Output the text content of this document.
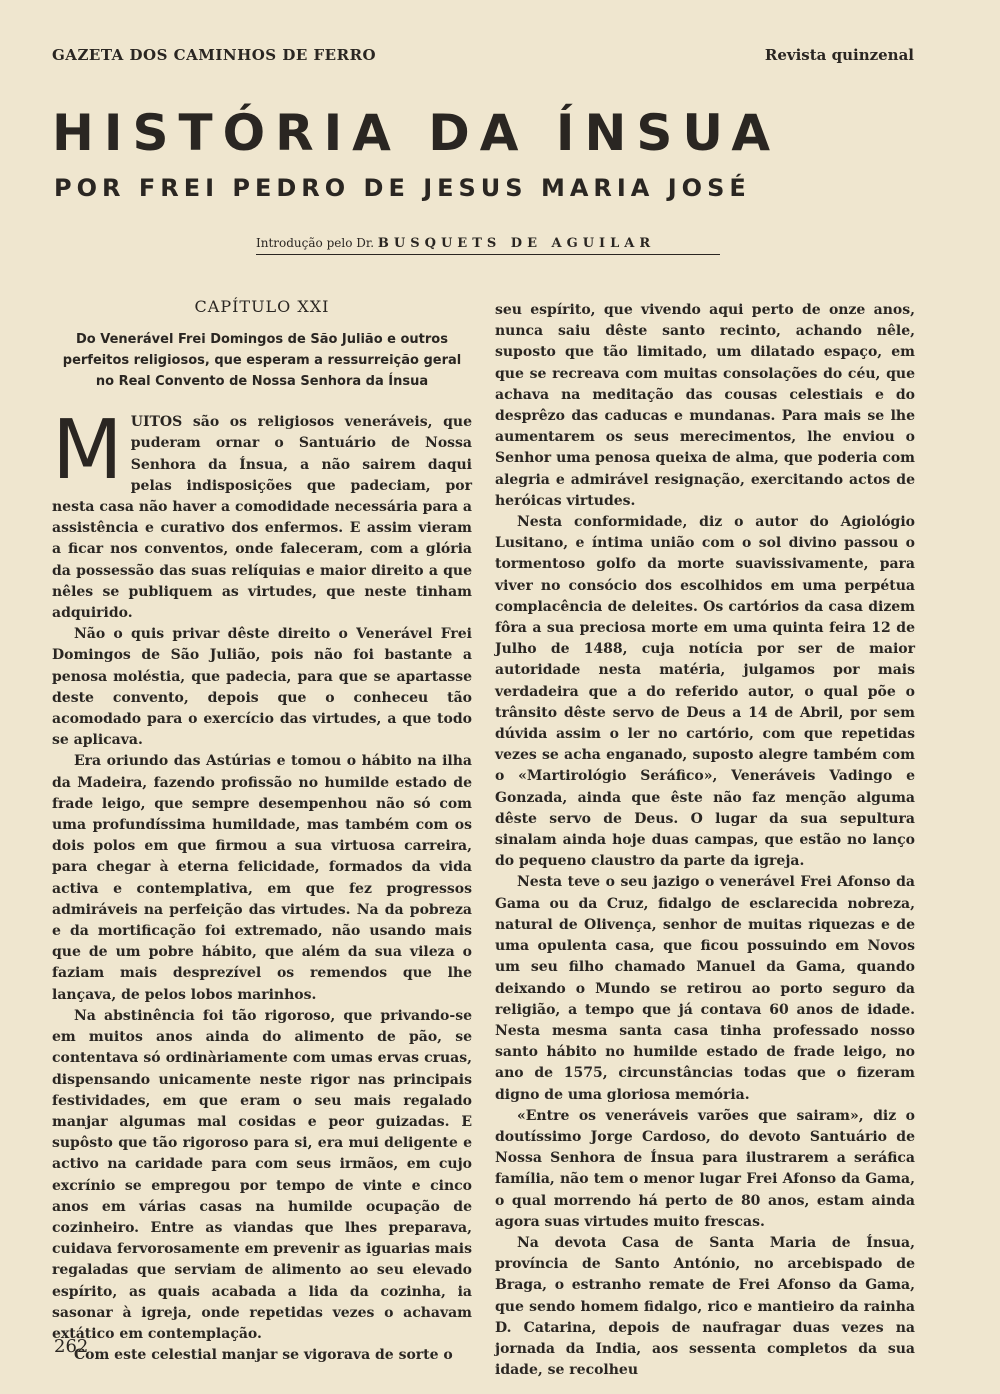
GAZETA DOS CAMINHOS DE FERRO	Revista quinzenal
HISTÓRIA DA ÍNSUA
POR FREI PEDRO DE JESUS MARIA JOSÉ
Introdução pelo Dr. BUSQUETS DE AGUILAR
CAPÍTULO XXI
Do Venerável Frei Domingos de São Julião e outros perfeitos religiosos, que esperam a ressurreição geral no Real Convento de Nossa Senhora da Ínsua

MUITOS são os religiosos veneráveis, que puderam ornar o Santuário de Nossa Senhora da Ínsua, a não sairem daqui pelas indisposições que padeciam, por nesta casa não haver a comodidade necessária para a assistência e curativo dos enfermos. E assim vieram a ficar nos conventos, onde faleceram, com a glória da possessão das suas relíquias e maior direito a que nêles se publiquem as virtudes, que neste tinham adquirido.

Não o quis privar dêste direito o Venerável Frei Domingos de São Julião, pois não foi bastante a penosa moléstia, que padecia, para que se apartasse deste convento, depois que o conheceu tão acomodado para o exercício das virtudes, a que todo se aplicava.

Era oriundo das Astúrias e tomou o hábito na ilha da Madeira, fazendo profissão no humilde estado de frade leigo, que sempre desempenhou não só com uma profundíssima humildade, mas também com os dois polos em que firmou a sua virtuosa carreira, para chegar à eterna felicidade, formados da vida activa e contemplativa, em que fez progressos admiráveis na perfeição das virtudes. Na da pobreza e da mortificação foi extremado, não usando mais que de um pobre hábito, que além da sua vileza o faziam mais desprezível os remendos que lhe lançava, de pelos lobos marinhos.

Na abstinência foi tão rigoroso, que privando-se em muitos anos ainda do alimento de pão, se contentava só ordinàriamente com umas ervas cruas, dispensando unicamente neste rigor nas principais festividades, em que eram o seu mais regalado manjar algumas mal cosidas e peor guizadas. E supôsto que tão rigoroso para si, era mui deligente e activo na caridade para com seus irmãos, em cujo excrínio se empregou por tempo de vinte e cinco anos em várias casas na humilde ocupação de cozinheiro. Entre as viandas que lhes preparava, cuidava fervorosamente em prevenir as iguarias mais regaladas que serviam de alimento ao seu elevado espírito, as quais acabada a lida da cozinha, ia sasonar à igreja, onde repetidas vezes o achavam extático em contemplação.

Com este celestial manjar se vigorava de sorte o

seu espírito, que vivendo aqui perto de onze anos, nunca saiu dêste santo recinto, achando nêle, suposto que tão limitado, um dilatado espaço, em que se recreava com muitas consolações do céu, que achava na meditação das cousas celestiais e do desprêzo das caducas e mundanas. Para mais se lhe aumentarem os seus merecimentos, lhe enviou o Senhor uma penosa queixa de alma, que poderia com alegria e admirável resignação, exercitando actos de heróicas virtudes.

Nesta conformidade, diz o autor do Agiológio Lusitano, e íntima união com o sol divino passou o tormentoso golfo da morte suavissivamente, para viver no consócio dos escolhidos em uma perpétua complacência de deleites. Os cartórios da casa dizem fôra a sua preciosa morte em uma quinta feira 12 de Julho de 1488, cuja notícia por ser de maior autoridade nesta matéria, julgamos por mais verdadeira que a do referido autor, o qual põe o trânsito dêste servo de Deus a 14 de Abril, por sem dúvida assim o ler no cartório, com que repetidas vezes se acha enganado, suposto alegre também com o «Martirológio Seráfico», Veneráveis Vadingo e Gonzada, ainda que êste não faz menção alguma dêste servo de Deus. O lugar da sua sepultura sinalam ainda hoje duas campas, que estão no lanço do pequeno claustro da parte da igreja.

Nesta teve o seu jazigo o venerável Frei Afonso da Gama ou da Cruz, fidalgo de esclarecida nobreza, natural de Olivença, senhor de muitas riquezas e de uma opulenta casa, que ficou possuindo em Novos um seu filho chamado Manuel da Gama, quando deixando o Mundo se retirou ao porto seguro da religião, a tempo que já contava 60 anos de idade. Nesta mesma santa casa tinha professado nosso santo hábito no humilde estado de frade leigo, no ano de 1575, circunstâncias todas que o fizeram digno de uma gloriosa memória.

«Entre os veneráveis varões que sairam», diz o doutíssimo Jorge Cardoso, do devoto Santuário de Nossa Senhora de Ínsua para ilustrarem a seráfica família, não tem o menor lugar Frei Afonso da Gama, o qual morrendo há perto de 80 anos, estam ainda agora suas virtudes muito frescas.

Na devota Casa de Santa Maria de Ínsua, província de Santo António, no arcebispado de Braga, o estranho remate de Frei Afonso da Gama, que sendo homem fidalgo, rico e mantieiro da rainha D. Catarina, depois de naufragar duas vezes na jornada da India, aos sessenta completos da sua idade, se recolheu

262
